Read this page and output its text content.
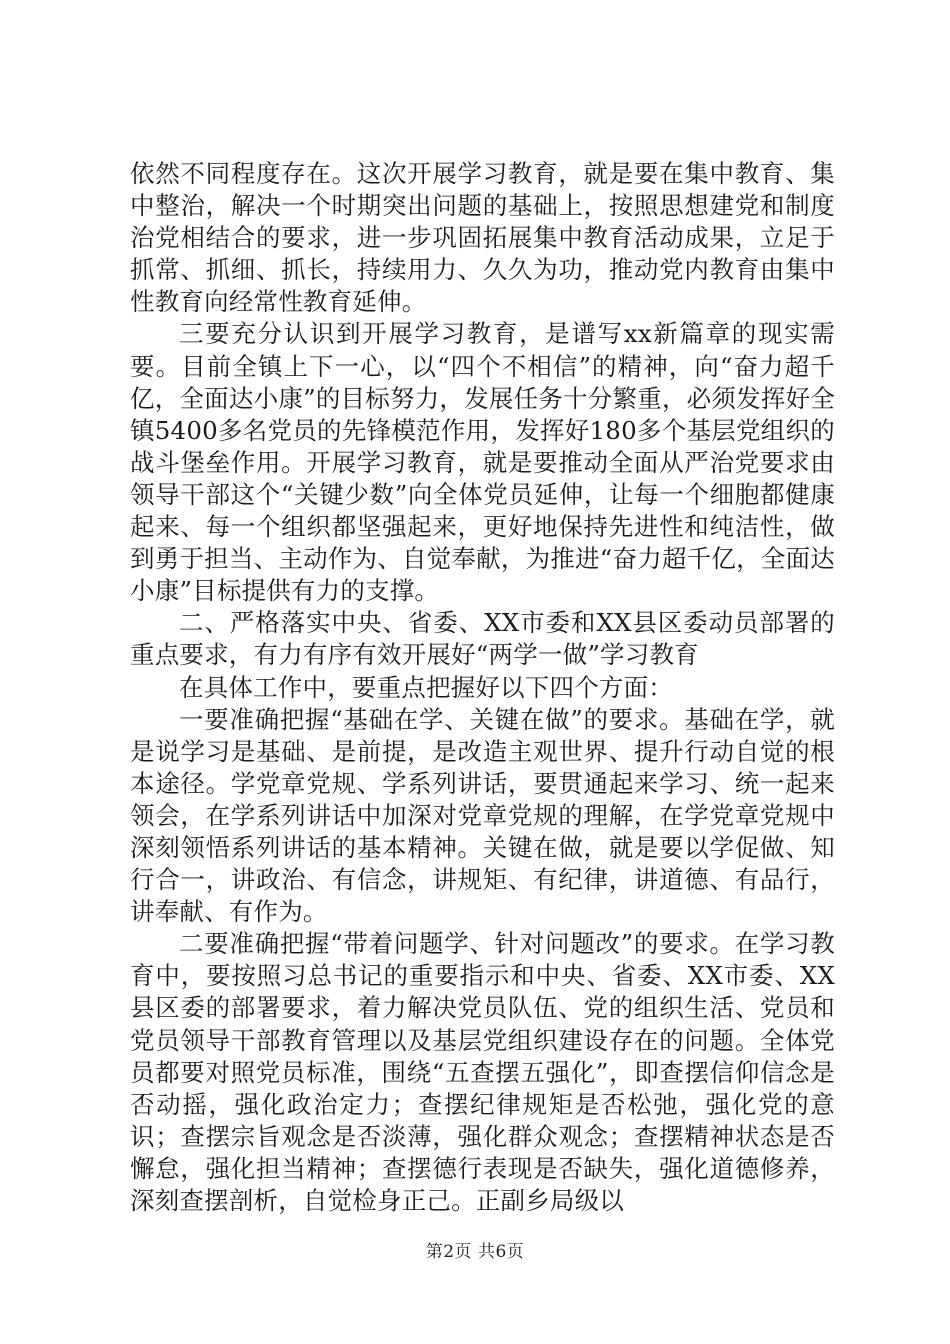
依然不同程度存在。这次开展学习教育，就是要在集中教育、集中整治，解决一个时期突出问题的基础上，按照思想建党和制度治党相结合的要求，进一步巩固拓展集中教育活动成果，立足于抓常、抓细、抓长，持续用力、久久为功，推动党内教育由集中性教育向经常性教育延伸。

三要充分认识到开展学习教育，是谱写xx新篇章的现实需要。目前全镇上下一心，以“四个不相信”的精神，向“奋力超千亿，全面达小康”的目标努力，发展任务十分繁重，必须发挥好全镇5400多名党员的先锋模范作用，发挥好180多个基层党组织的战斗堡垒作用。开展学习教育，就是要推动全面从严治党要求由领导干部这个“关键少数”向全体党员延伸，让每一个细胞都健康起来、每一个组织都坚强起来，更好地保持先进性和纯洁性，做到勇于担当、主动作为、自觉奉献，为推进“奋力超千亿，全面达小康”目标提供有力的支撑。

二、严格落实中央、省委、XX市委和XX县区委动员部署的重点要求，有力有序有效开展好“两学一做”学习教育

在具体工作中，要重点把握好以下四个方面：

一要准确把握“基础在学、关键在做”的要求。基础在学，就是说学习是基础、是前提，是改造主观世界、提升行动自觉的根本途径。学党章党规、学系列讲话，要贯通起来学习、统一起来领会，在学系列讲话中加深对党章党规的理解，在学党章党规中深刻领悟系列讲话的基本精神。关键在做，就是要以学促做、知行合一，讲政治、有信念，讲规矩、有纪律，讲道德、有品行，讲奉献、有作为。

二要准确把握“带着问题学、针对问题改”的要求。在学习教育中，要按照习总书记的重要指示和中央、省委、XX市委、XX县区委的部署要求，着力解决党员队伍、党的组织生活、党员和党员领导干部教育管理以及基层党组织建设存在的问题。全体党员都要对照党员标准，围绕“五查摆五强化”，即查摆信仰信念是否动摇，强化政治定力；查摆纪律规矩是否松弛，强化党的意识；查摆宗旨观念是否淡薄，强化群众观念；查摆精神状态是否懈怠，强化担当精神；查摆德行表现是否缺失，强化道德修养，深刻查摆剖析，自觉检身正己。正副乡局级以

第2页 共6页
